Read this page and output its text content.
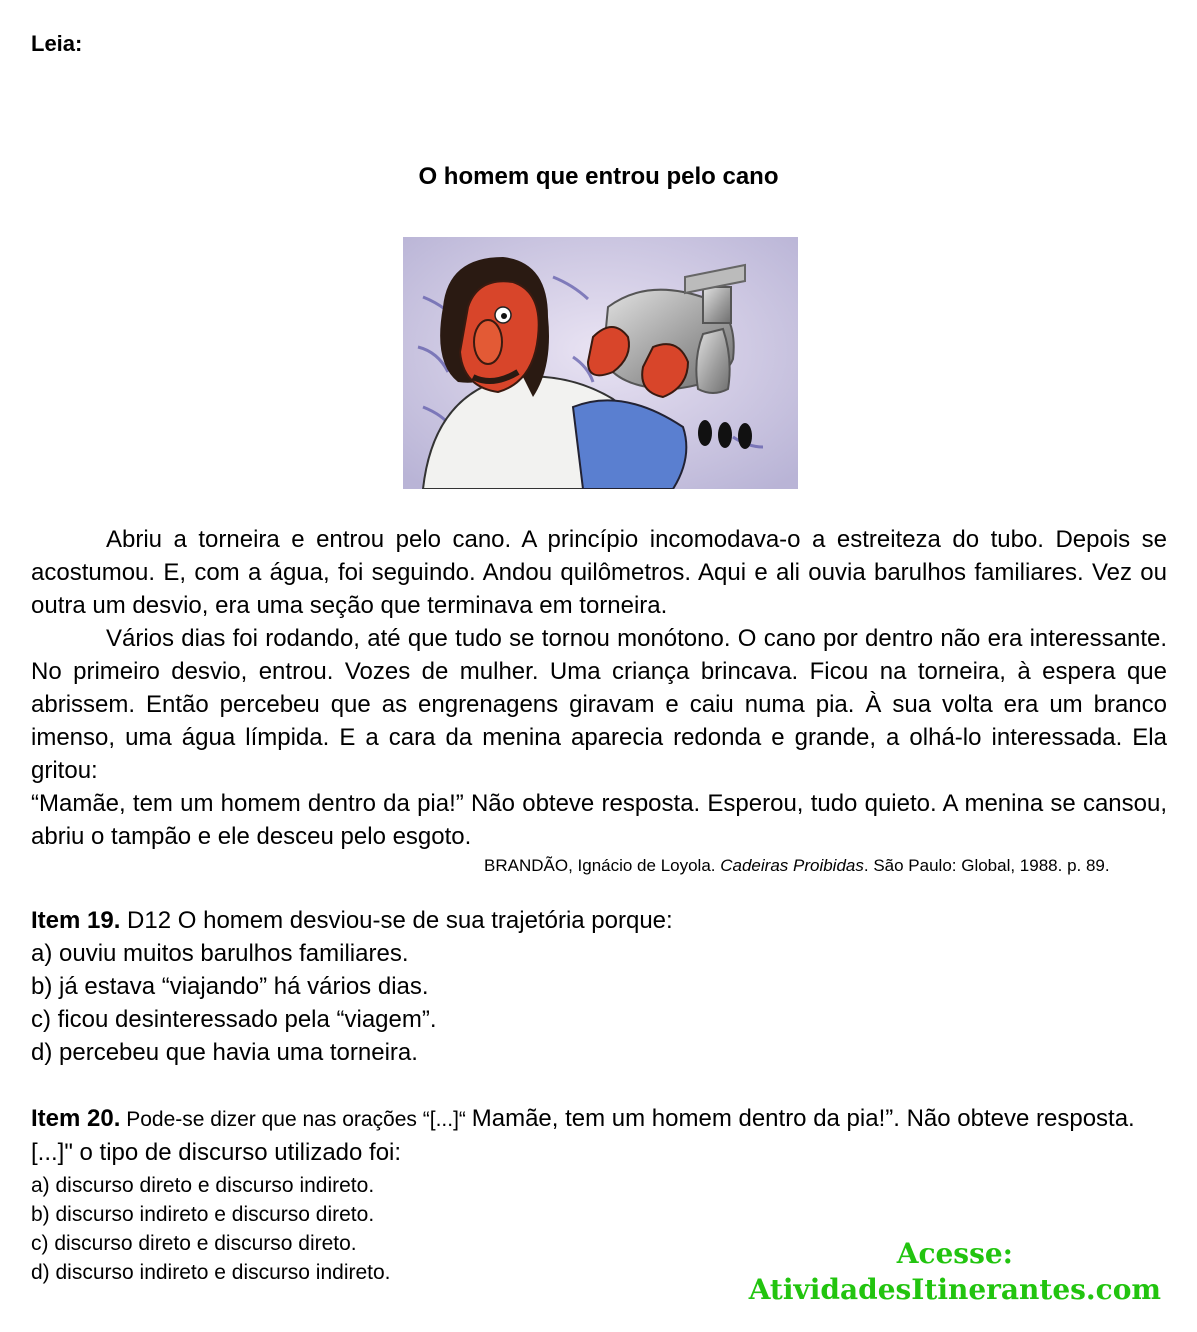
Leia:
O homem que entrou pelo cano

Abriu a torneira e entrou pelo cano. A princípio incomodava-o a estreiteza do tubo. Depois se acostumou. E, com a água, foi seguindo. Andou quilômetros. Aqui e ali ouvia barulhos familiares. Vez ou outra um desvio, era uma seção que terminava em torneira.

Vários dias foi rodando, até que tudo se tornou monótono. O cano por dentro não era interessante. No primeiro desvio, entrou. Vozes de mulher. Uma criança brincava. Ficou na torneira, à espera que abrissem. Então percebeu que as engrenagens giravam e caiu numa pia. À sua volta era um branco imenso, uma água límpida. E a cara da menina aparecia redonda e grande, a olhá-lo interessada. Ela gritou:

“Mamãe, tem um homem dentro da pia!” Não obteve resposta. Esperou, tudo quieto. A menina se cansou, abriu o tampão e ele desceu pelo esgoto.

BRANDÃO, Ignácio de Loyola. Cadeiras Proibidas. São Paulo: Global, 1988. p. 89.
Item 19. D12 O homem desviou-se de sua trajetória porque:
a) ouviu muitos barulhos familiares.
b) já estava “viajando” há vários dias.
c) ficou desinteressado pela “viagem”.
d) percebeu que havia uma torneira.
Item 20. Pode-se dizer que nas orações “[...]“ Mamãe, tem um homem dentro da pia!”. Não obteve resposta.[...]" o tipo de discurso utilizado foi:
a) discurso direto e discurso indireto.
b) discurso indireto e discurso direto.
c) discurso direto e discurso direto.
d) discurso indireto e discurso indireto.
Acesse:
AtividadesItinerantes.com
